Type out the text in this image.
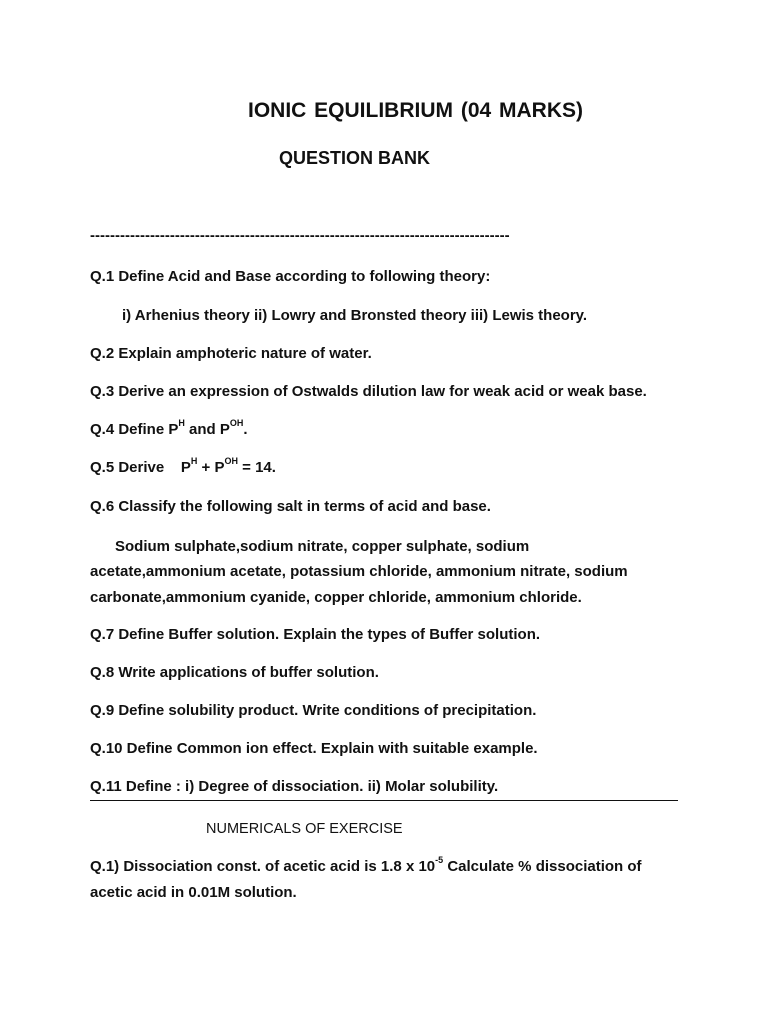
IONIC EQUILIBRIUM (04 MARKS)
QUESTION BANK
------------------------------------------------------------------------------------
Q.1 Define Acid and Base according to following theory:
i) Arhenius theory ii) Lowry and Bronsted theory iii) Lewis theory.
Q.2 Explain amphoteric nature of water.
Q.3 Derive an expression of Ostwalds dilution law for weak acid or weak base.
Q.4 Define $P^H$ and $P^{OH}$.
Q.5 Derive    $P^H + P^{OH} = 14$.
Q.6 Classify the following salt in terms of acid and base.
Sodium sulphate,sodium nitrate, copper sulphate, sodium
acetate,ammonium acetate, potassium chloride, ammonium nitrate, sodium
carbonate,ammonium cyanide, copper chloride, ammonium chloride.
Q.7 Define Buffer solution. Explain the types of Buffer solution.
Q.8 Write applications of buffer solution.
Q.9 Define solubility product. Write conditions of precipitation.
Q.10 Define Common ion effect. Explain with suitable example.
Q.11 Define : i) Degree of dissociation. ii) Molar solubility.
NUMERICALS OF EXERCISE
Q.1) Dissociation const. of acetic acid is 1.8 x $10^{-5}$ Calculate % dissociation of
acetic acid in 0.01M solution.
